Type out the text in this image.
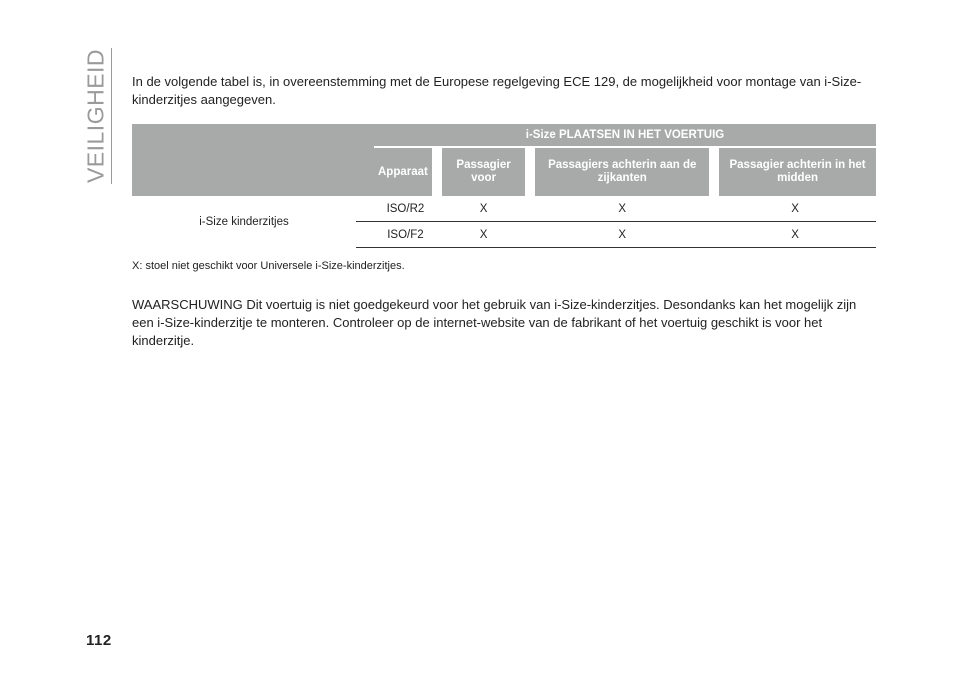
VEILIGHEID In de volgende tabel is, in overeenstemming met de Europese regelgeving ECE 129, de mogelijkheid voor montage van i-Size-kinderzitjes aangegeven.

		i-Size PLAATSEN IN HET VOERTUIG			
		Apparaat	Passagier voor	Passagiers achterin aan de zijkanten	Passagier achterin in het midden
i-Size kinderzitjes		ISO/R2	X	X	X
		ISO/F2	X	X	X

X: stoel niet geschikt voor Universele i-Size-kinderzitjes.

WAARSCHUWING Dit voertuig is niet goedgekeurd voor het gebruik van i-Size-kinderzitjes. Desondanks kan het mogelijk zijn een i-Size-kinderzitje te monteren. Controleer op de internet-website van de fabrikant of het voertuig geschikt is voor het kinderzitje.

112
